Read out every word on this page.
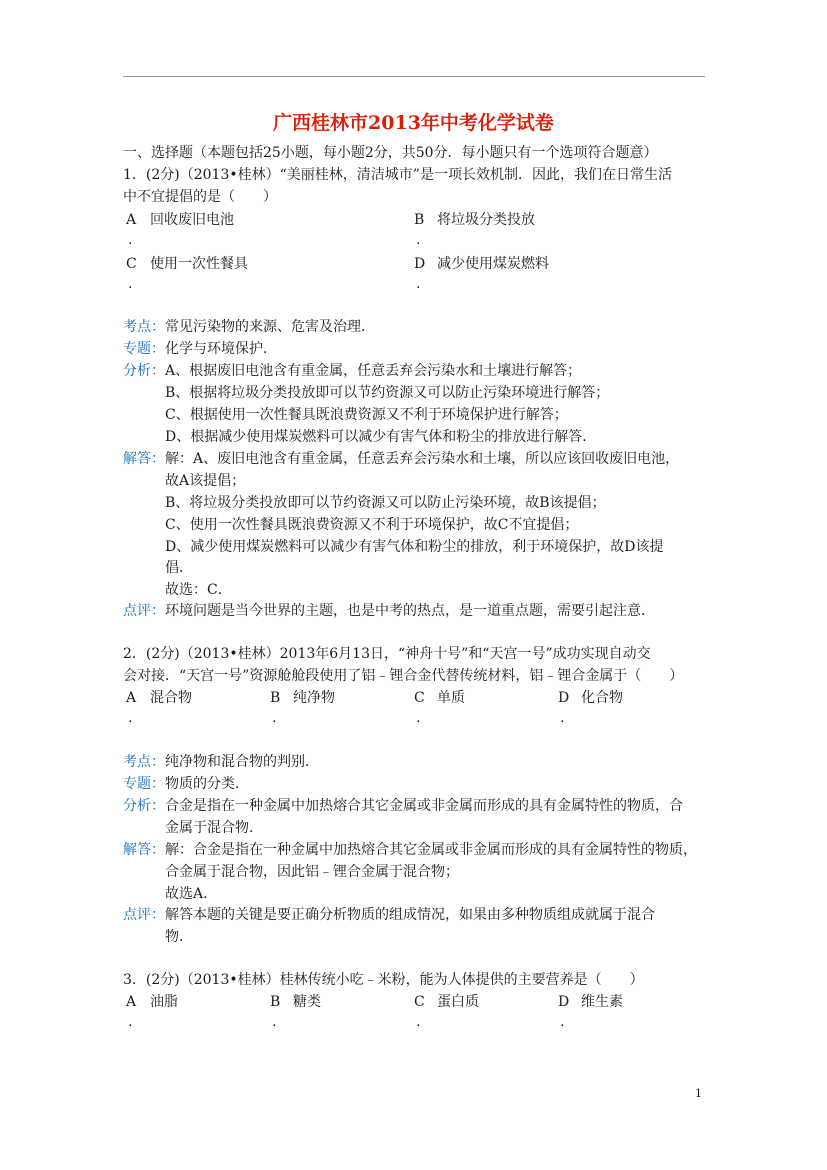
广西桂林市2013年中考化学试卷
一、选择题（本题包括25小题，每小题2分，共50分．每小题只有一个选项符合题意）
1．(2分)（2013•桂林）“美丽桂林，清洁城市”是一项长效机制．因此，我们在日常生活
中不宜提倡的是（　　）
A
.
回收废旧电池	B
.
将垃圾分类投放
C
.
使用一次性餐具	D
.
减少使用煤炭燃料
考点： 常见污染物的来源、危害及治理．
专题： 化学与环境保护．
分析： A、根据废旧电池含有重金属，任意丢弃会污染水和土壤进行解答；
B、根据将垃圾分类投放即可以节约资源又可以防止污染环境进行解答；
C、根据使用一次性餐具既浪费资源又不利于环境保护进行解答；
D、根据减少使用煤炭燃料可以减少有害气体和粉尘的排放进行解答．
解答： 解：A、废旧电池含有重金属，任意丢弃会污染水和土壤，所以应该回收废旧电池，
故A该提倡；
B、将垃圾分类投放即可以节约资源又可以防止污染环境，故B该提倡；
C、使用一次性餐具既浪费资源又不利于环境保护，故C不宜提倡；
D、减少使用煤炭燃料可以减少有害气体和粉尘的排放，利于环境保护，故D该提
倡．
故选：C．
点评： 环境问题是当今世界的主题，也是中考的热点，是一道重点题，需要引起注意．
2．(2分)（2013•桂林）2013年6月13日，“神舟十号”和“天宫一号”成功实现自动交
会对接．“天宫一号”资源舱舱段使用了铝﹣锂合金代替传统材料，铝﹣锂合金属于（　　）
A
.
混合物	B
.
纯净物	C
.
单质	D
.
化合物
考点： 纯净物和混合物的判别．
专题： 物质的分类．
分析： 合金是指在一种金属中加热熔合其它金属或非金属而形成的具有金属特性的物质，合
金属于混合物．
解答： 解：合金是指在一种金属中加热熔合其它金属或非金属而形成的具有金属特性的物质，
合金属于混合物，因此铝﹣锂合金属于混合物；
故选A．
点评： 解答本题的关键是要正确分析物质的组成情况，如果由多种物质组成就属于混合
物．
3．(2分)（2013•桂林）桂林传统小吃﹣米粉，能为人体提供的主要营养是（　　）
A
.
油脂	B
.
糖类	C
.
蛋白质	D
.
维生素
1
